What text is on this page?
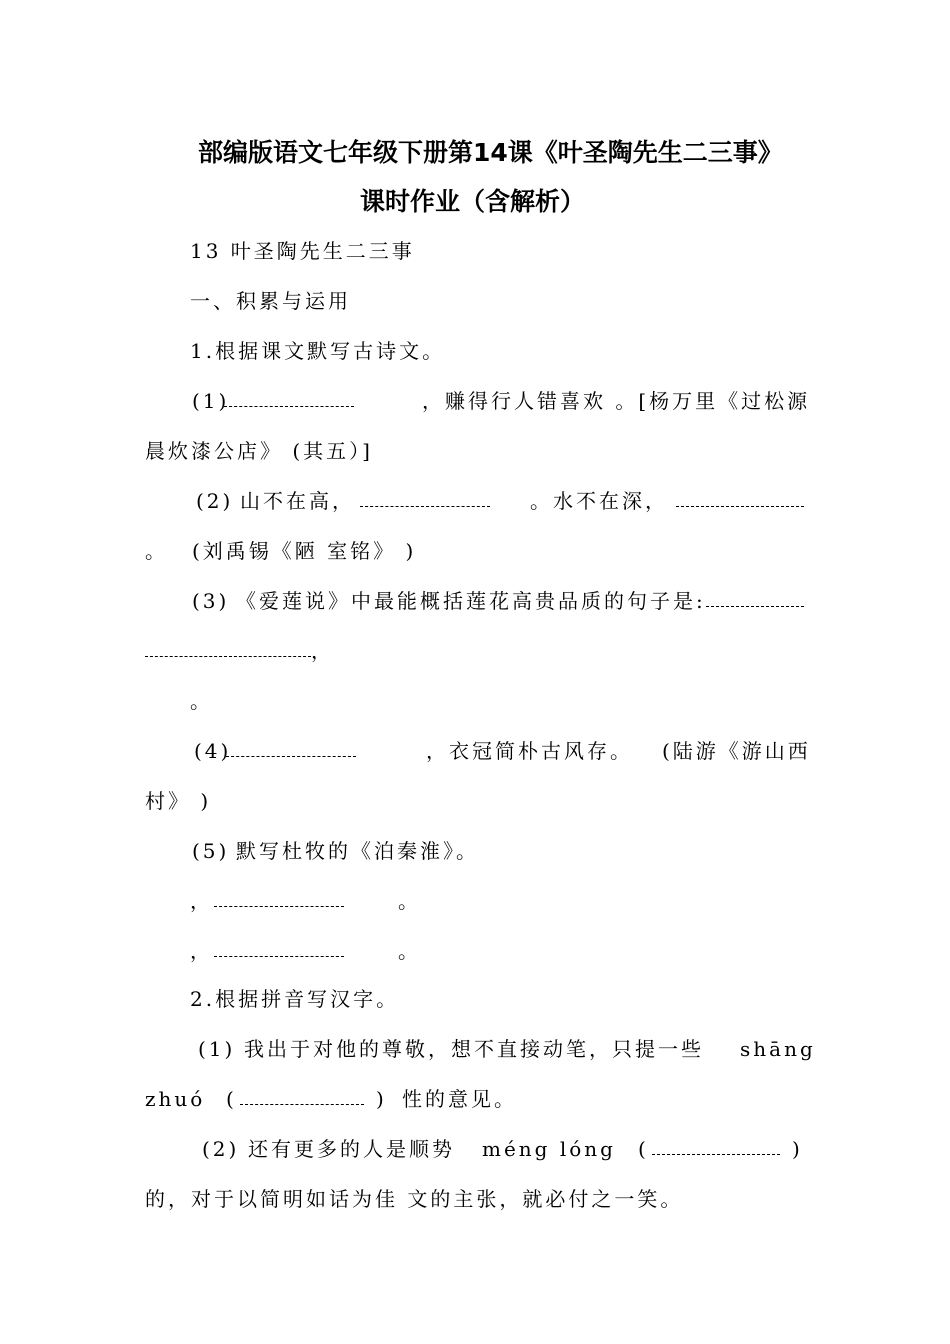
部编版语文七年级下册第14课《叶圣陶先生二三事》
课时作业（含解析）
13 叶圣陶先生二三事
一、积累与运用
1.根据课文默写古诗文。
(1)	，赚得行人错喜欢 。[杨万里《过松源
晨炊漆公店》 (其五）]
(2) 山不在高，	。水不在深，
。 (刘禹锡《陋 室铭》 )
(3) 《爱莲说》中最能概括莲花高贵品质的句子是:
，
。
(4)	，衣冠简朴古风存。 (陆游《游山西
村》 )
(5) 默写杜牧的《泊秦淮》。
，	。
，	。
2.根据拼音写汉字。
(1) 我出于对他的尊敬，想不直接动笔，只提一些 shāng
zhuó (	) 性的意见。
(2) 还有更多的人是顺势 méng lóng (	)
的，对于以简明如话为佳 文的主张，就必付之一笑。
